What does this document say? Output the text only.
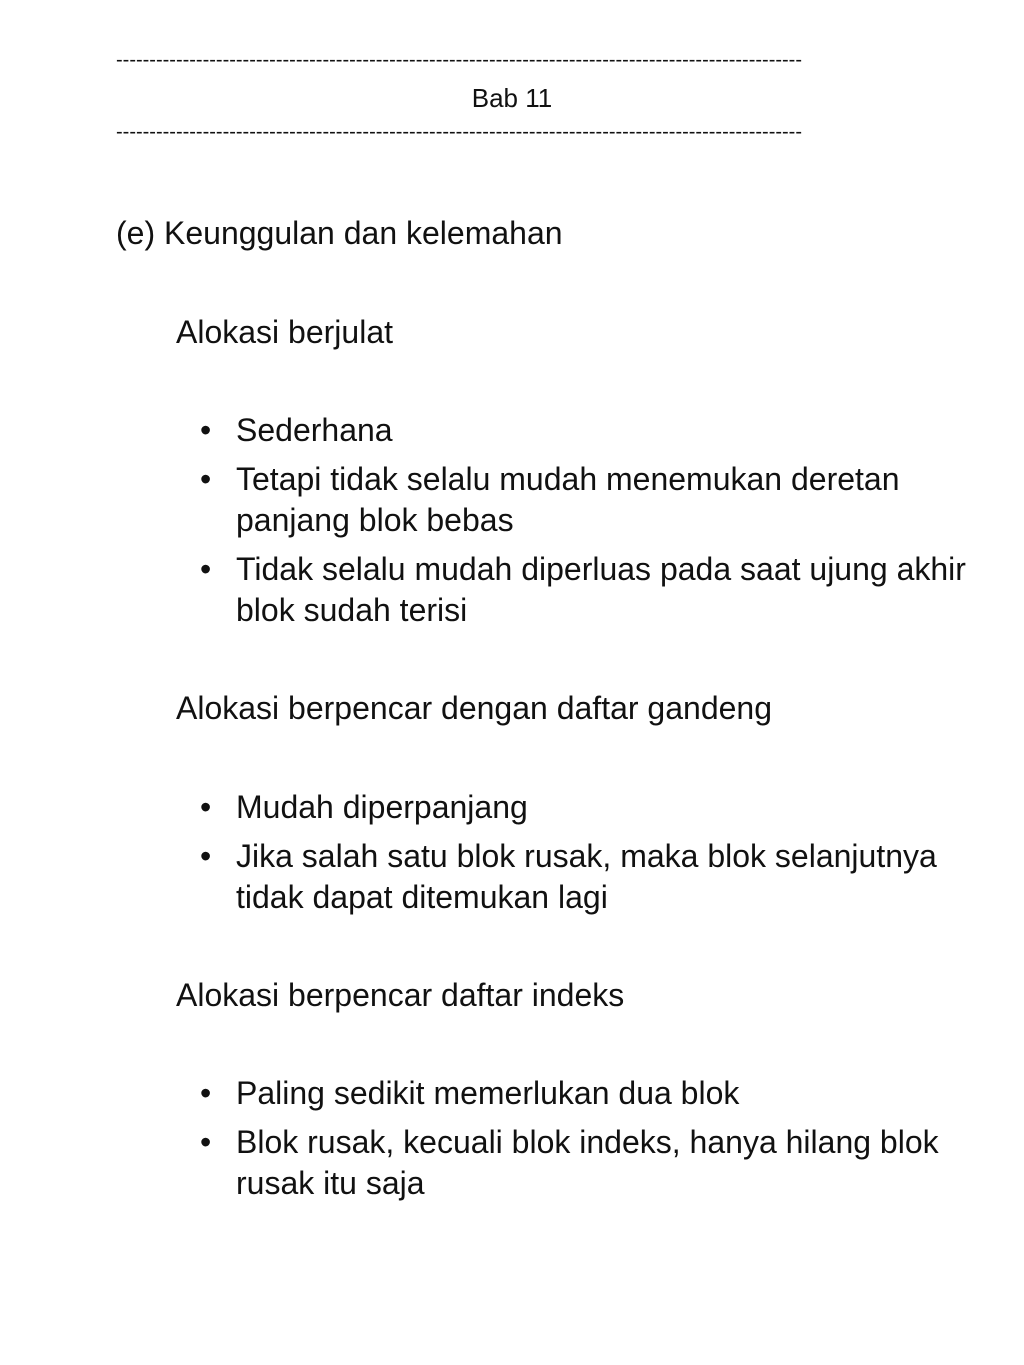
-------------------------------------------------------------------------------------------------------
Bab 11
-------------------------------------------------------------------------------------------------------
(e) Keunggulan dan kelemahan
Alokasi berjulat
• Sederhana
• Tetapi tidak selalu mudah menemukan deretan panjang blok bebas
• Tidak selalu mudah diperluas pada saat ujung akhir blok sudah terisi
Alokasi berpencar dengan daftar gandeng
• Mudah diperpanjang
• Jika salah satu blok rusak, maka blok selanjutnya tidak dapat ditemukan lagi
Alokasi berpencar daftar indeks
• Paling sedikit memerlukan dua blok
• Blok rusak, kecuali blok indeks, hanya hilang blok rusak itu saja
